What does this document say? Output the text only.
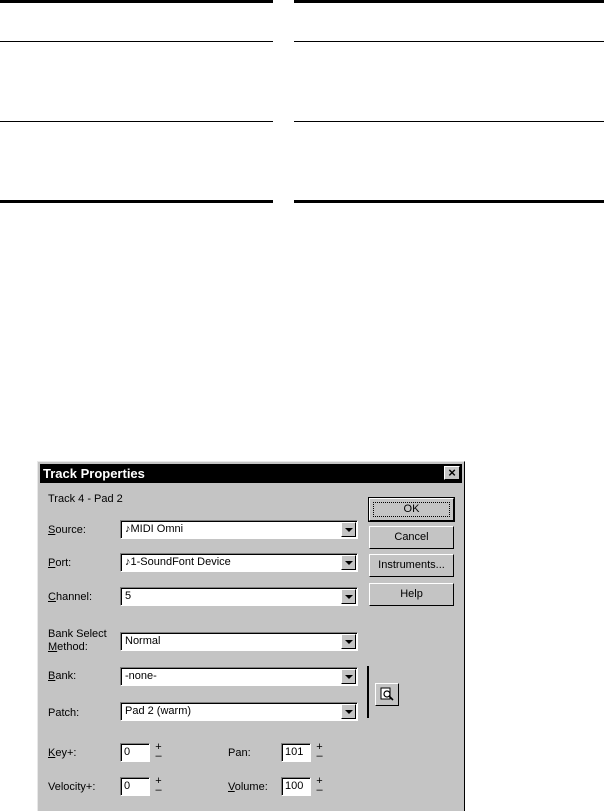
Track Properties	×
Track 4 - Pad 2
Source:	♪MIDI Omni
Port:	♪1-SoundFont Device
Channel:	5
Bank Select
Method:	Normal
Bank:	-none-
Patch:	Pad 2 (warm)
OK
Cancel
Instruments...
Help
Key+:	0 +
–
Velocity+:	0 +
–
Pan:	101 +
–
Volume: 100 +
–
